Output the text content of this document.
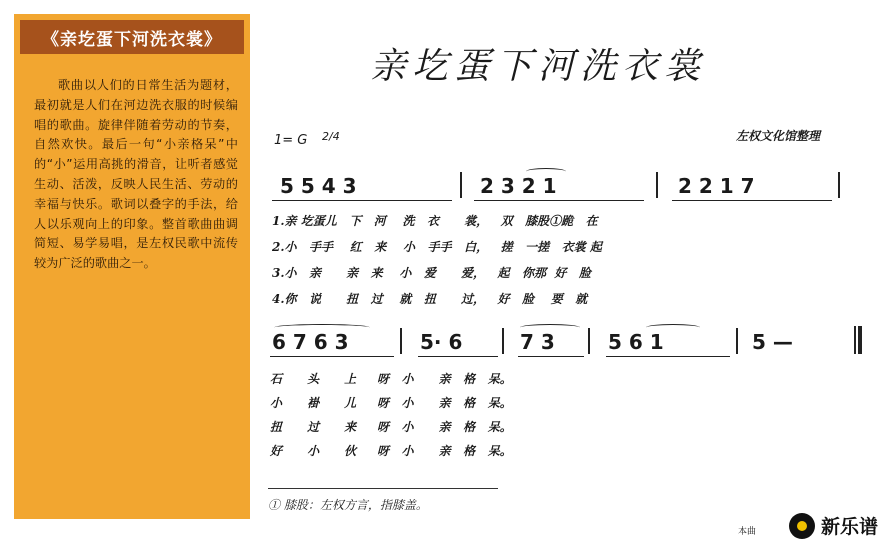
《亲圪蛋下河洗衣裳》
歌曲以人们的日常生活为题材，最初就是人们在河边洗衣服的时候编唱的歌曲。旋律伴随着劳动的节奏，自然欢快。最后一句“小亲格呆”中的“小”运用高挑的滑音，让听者感觉生动、活泼，反映人民生活、劳动的幸福与快乐。歌词以叠字的手法，给人以乐观向上的印象。整首歌曲曲调简短、易学易唱，是左权民歌中流传较为广泛的歌曲之一。
亲圪蛋下河洗衣裳
1= G 2/4	左权文化馆整理
5 5 4 3	2 3 2 1	2 2 1 7
1.亲 圪蛋儿   下   河    洗   衣      裳，   双   膝股①跪   在
2.小   手手    红   来    小   手手   白，   搓   一搓   衣裳 起
3.小   亲      亲   来    小   爱      爱，   起   你那  好   脸
4.你   说      扭   过    就   扭      过，   好   脸    要   就
6 7 6 3	5· 6	7 3	5 6 1	5 —
石      头      上     呀   小      亲   格   呆。
小      褂      儿     呀   小      亲   格   呆。
扭      过      来     呀   小      亲   格   呆。
好      小      伙     呀   小      亲   格   呆。
① 膝股：左权方言，指膝盖。
本曲	新乐谱
